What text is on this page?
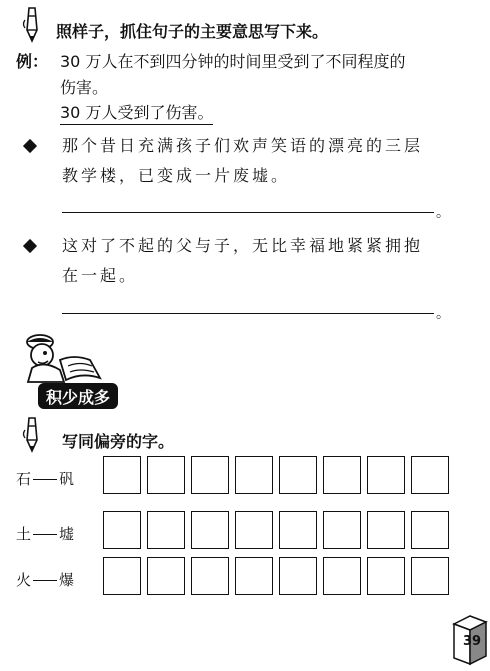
照样子，抓住句子的主要意思写下来。
例： 30 万人在不到四分钟的时间里受到了不同程度的
伤害。
30 万人受到了伤害。
那个昔日充满孩子们欢声笑语的漂亮的三层
教学楼，已变成一片废墟。
。
这对了不起的父与子，无比幸福地紧紧拥抱
在一起。
。
积少成多
写同偏旁的字。
石 矾
土 墟
火 爆
39
